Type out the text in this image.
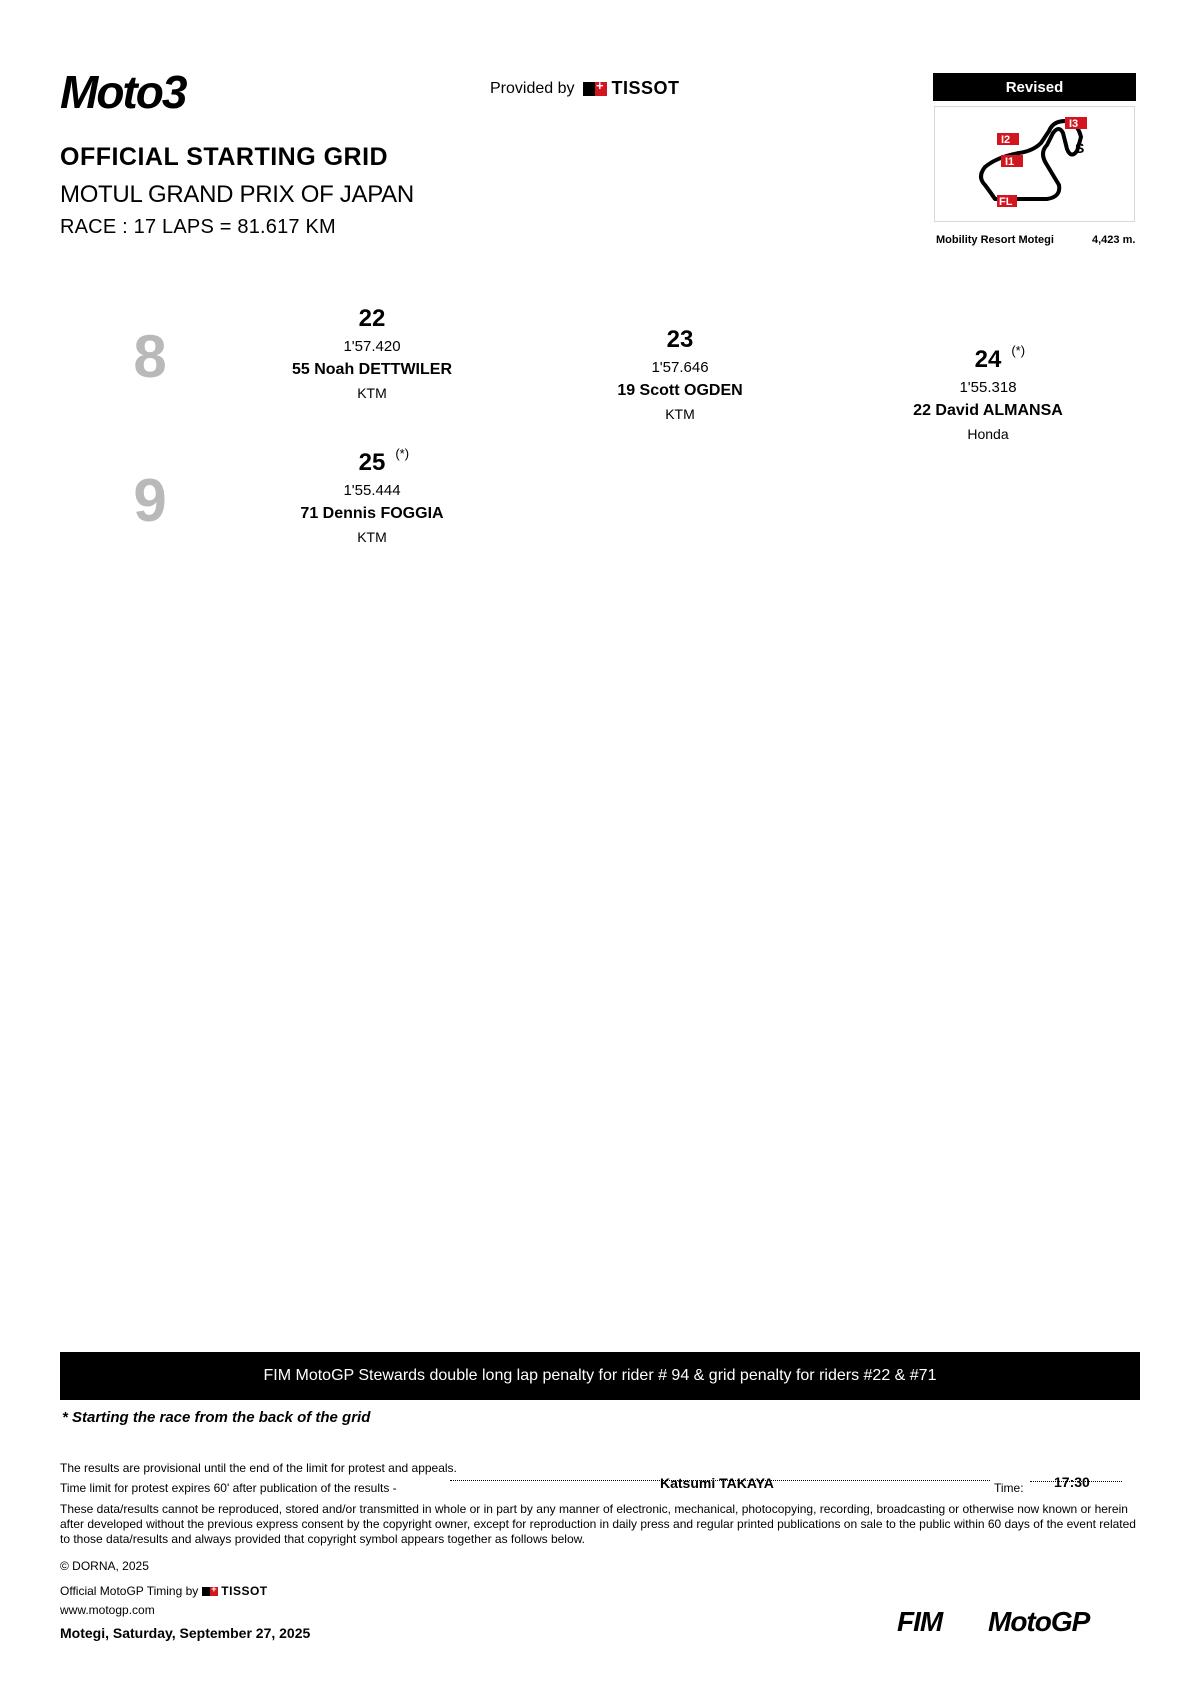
Moto3	Provided by + TISSOT
OFFICIAL STARTING GRID
MOTUL GRAND PRIX OF JAPAN
RACE : 17 LAPS = 81.617 KM
Revised
I3
I2
I1
S
FL
Mobility Resort Motegi	4,423 m.
8
22
1'57.420
55 Noah DETTWILER
KTM
23
1'57.646
19 Scott OGDEN
KTM
24 (*)
1'55.318
22 David ALMANSA
Honda
9
25 (*)
1'55.444
71 Dennis FOGGIA
KTM
FIM MotoGP Stewards double long lap penalty for rider # 94 & grid penalty for riders #22 & #71
* Starting the race from the back of the grid
The results are provisional until the end of the limit for protest and appeals.
Time limit for protest expires 60' after publication of the results -	Katsumi TAKAYA	Time: 17:30
These data/results cannot be reproduced, stored and/or transmitted in whole or in part by any manner of electronic, mechanical, photocopying, recording, broadcasting or otherwise now known or herein after developed without the previous express consent by the copyright owner, except for reproduction in daily press and regular printed publications on sale to the public within 60 days of the event related to those data/results and always provided that copyright symbol appears together as follows below.
© DORNA, 2025
Official MotoGP Timing by + TISSOT
www.motogp.com
Motegi, Saturday, September 27, 2025	FIM MotoGP
